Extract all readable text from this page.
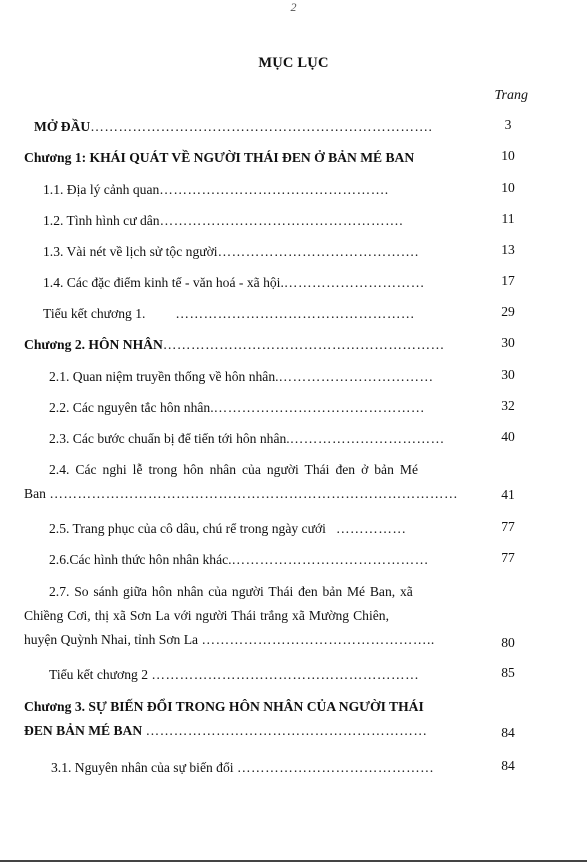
2
MỤC LỤC
Trang
MỞ ĐẦU……………………………………………………………….	3
Chương 1: KHÁI QUÁT VỀ NGƯỜI THÁI ĐEN Ở BẢN MÉ BAN	10
1.1. Địa lý cảnh quan………………………………………….	10
1.2. Tình hình cư dân…………………………………………….	11
1.3. Vài nét về lịch sử tộc người…………………………………….	13
1.4. Các đặc điểm kinh tế - văn hoá - xã hội.…………………………	17
Tiểu kết chương 1. ……………………………………………	29
Chương 2. HÔN NHÂN……………………………………………………	30
2.1. Quan niệm truyền thống về hôn nhân.……………………………	30
2.2. Các nguyên tắc hôn nhân.………………………………………	32
2.3. Các bước chuẩn bị để tiến tới hôn nhân.……………………………	40
2.4. Các nghi lễ trong hôn nhân của người Thái đen ở bản Mé
Ban ……………………………………………………………………………	41
2.5. Trang phục của cô dâu, chú rể trong ngày cưới ……………	77
2.6.Các hình thức hôn nhân khác.……………………………………	77
2.7. So sánh giữa hôn nhân của người Thái đen bản Mé Ban, xã
Chiềng Cơi, thị xã Sơn La với người Thái trắng xã Mường Chiên,
huyện Quỳnh Nhai, tỉnh Sơn La …………………………………………..	80
Tiểu kết chương 2 …………………………………………………	85
Chương 3. SỰ BIẾN ĐỔI TRONG HÔN NHÂN CỦA NGƯỜI THÁI
ĐEN BẢN MÉ BAN ……………………………………………………	84
3.1. Nguyên nhân của sự biến đổi ……………………………………	84
